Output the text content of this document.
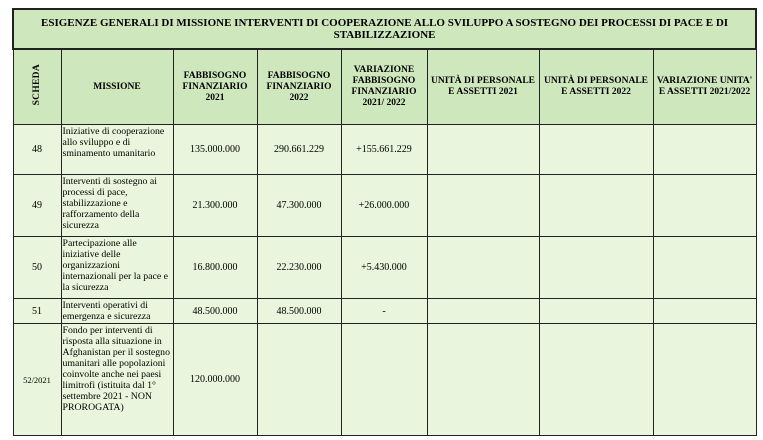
ESIGENZE GENERALI DI MISSIONE INTERVENTI DI COOPERAZIONE ALLO SVILUPPO A SOSTEGNO DEI PROCESSI DI PACE E DI STABILIZZAZIONE							
SCHEDA	MISSIONE	FABBISOGNO FINANZIARIO 2021	FABBISOGNO FINANZIARIO 2022	VARIAZIONE FABBISOGNO FINANZIARIO 2021/ 2022	UNITÀ DI PERSONALE E ASSETTI 2021	UNITÀ DI PERSONALE E ASSETTI 2022	VARIAZIONE UNITA' E ASSETTI 2021/2022
48	Iniziative di cooperazione allo sviluppo e di sminamento umanitario	135.000.000	290.661.229	+155.661.229			
49	Interventi di sostegno ai processi di pace, stabilizzazione e rafforzamento della sicurezza	21.300.000	47.300.000	+26.000.000			
50	Partecipazione alle iniziative delle organizzazioni internazionali per la pace e la sicurezza	16.800.000	22.230.000	+5.430.000			
51	Interventi operativi di emergenza e sicurezza	48.500.000	48.500.000	-			
52/2021	Fondo per interventi di risposta alla situazione in Afghanistan per il sostegno umanitari alle popolazioni coinvolte anche nei paesi limitrofi (istituita dal 1° settembre 2021 - NON PROROGATA)	120.000.000					
